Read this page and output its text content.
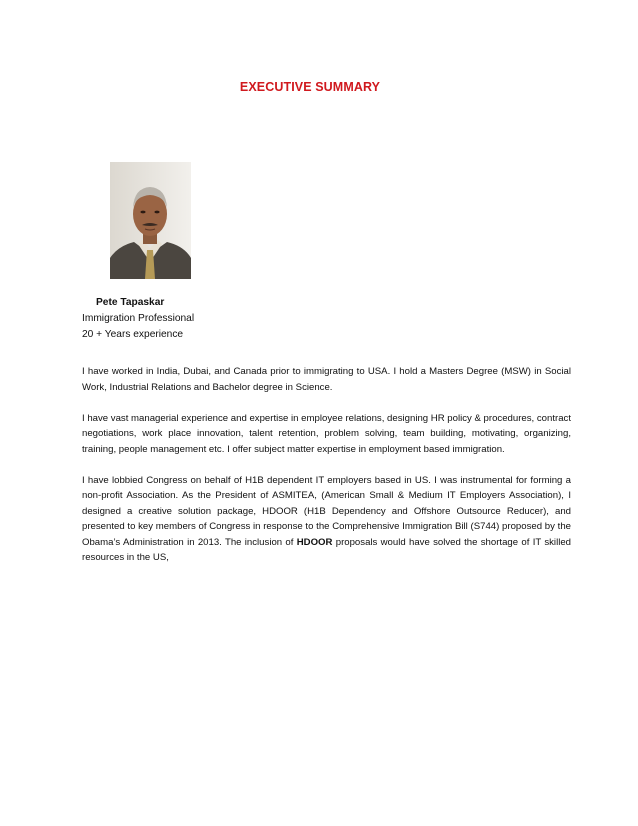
EXECUTIVE SUMMARY
Pete Tapaskar
Immigration Professional
20 + Years experience

I have worked in India, Dubai, and Canada prior to immigrating to USA. I hold a Masters Degree (MSW) in Social Work, Industrial Relations and Bachelor degree in Science.

I have vast managerial experience and expertise in employee relations, designing HR policy & procedures, contract negotiations, work place innovation, talent retention, problem solving, team building, motivating, organizing, training, people management etc. I offer subject matter expertise in employment based immigration.

I have lobbied Congress on behalf of H1B dependent IT employers based in US. I was instrumental for forming a non-profit Association. As the President of ASMITEA, (American Small & Medium IT Employers Association), I designed a creative solution package, HDOOR (H1B Dependency and Offshore Outsource Reducer), and presented to key members of Congress in response to the Comprehensive Immigration Bill (S744) proposed by the Obama’s Administration in 2013. The inclusion of HDOOR proposals would have solved the shortage of IT skilled resources in the US,
